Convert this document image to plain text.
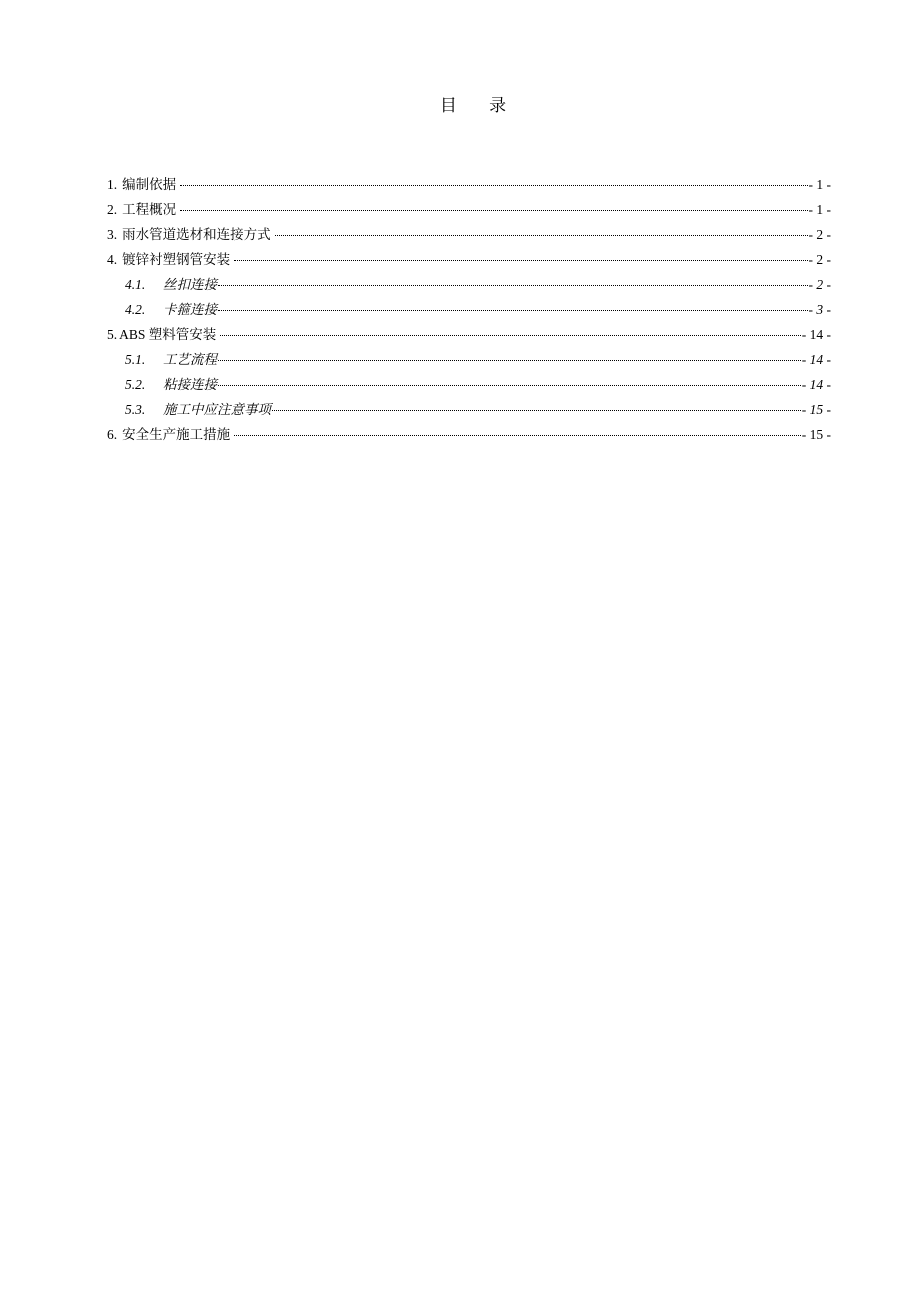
目 录
1. 编制依据	- 1 -
2. 工程概况	- 1 -
3. 雨水管道选材和连接方式	- 2 -
4. 镀锌衬塑钢管安装	- 2 -
4.1.	丝扣连接	- 2 -
4.2.	卡箍连接	- 3 -
5. ABS 塑料管安装	- 14 -
5.1.	工艺流程	- 14 -
5.2.	粘接连接	- 14 -
5.3.	施工中应注意事项	- 15 -
6. 安全生产施工措施	- 15 -
